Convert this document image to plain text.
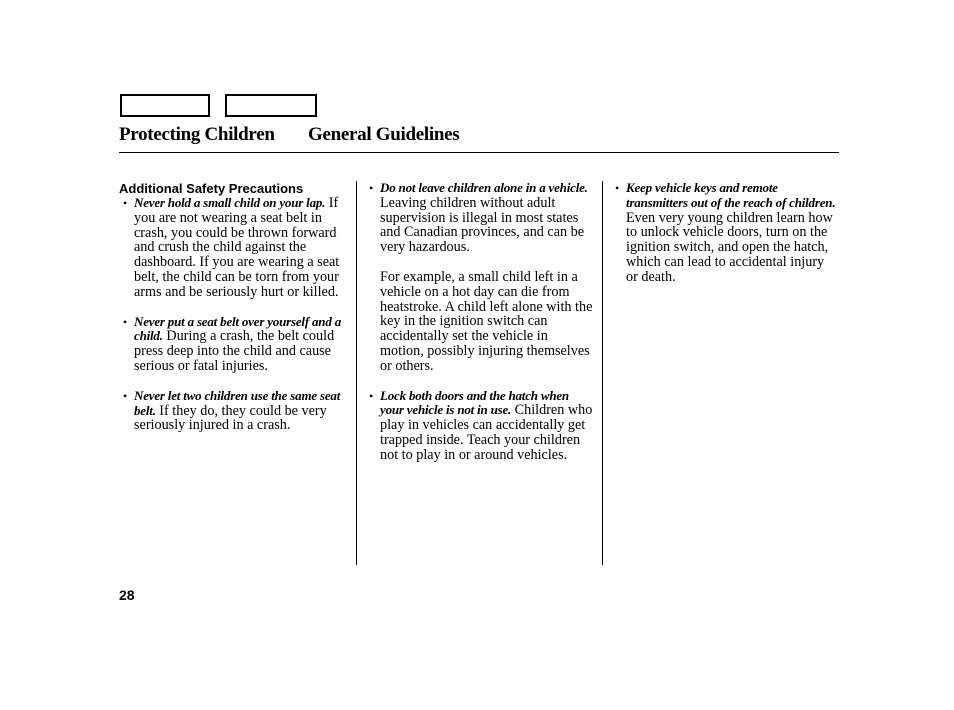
Protecting Children General Guidelines
Additional Safety Precautions
• Never hold a small child on your lap. If you are not wearing a seat belt in crash, you could be thrown forward and crush the child against the dashboard. If you are wearing a seat belt, the child can be torn from your arms and be seriously hurt or killed.
• Never put a seat belt over yourself and a child. During a crash, the belt could press deep into the child and cause serious or fatal injuries.
• Never let two children use the same seat belt. If they do, they could be very seriously injured in a crash.
• Do not leave children alone in a vehicle. Leaving children without adult supervision is illegal in most states and Canadian provinces, and can be very hazardous.
For example, a small child left in a vehicle on a hot day can die from heatstroke. A child left alone with the key in the ignition switch can accidentally set the vehicle in motion, possibly injuring themselves or others.
• Lock both doors and the hatch when your vehicle is not in use. Children who play in vehicles can accidentally get trapped inside. Teach your children not to play in or around vehicles.
• Keep vehicle keys and remote transmitters out of the reach of children. Even very young children learn how to unlock vehicle doors, turn on the ignition switch, and open the hatch, which can lead to accidental injury or death.
28
